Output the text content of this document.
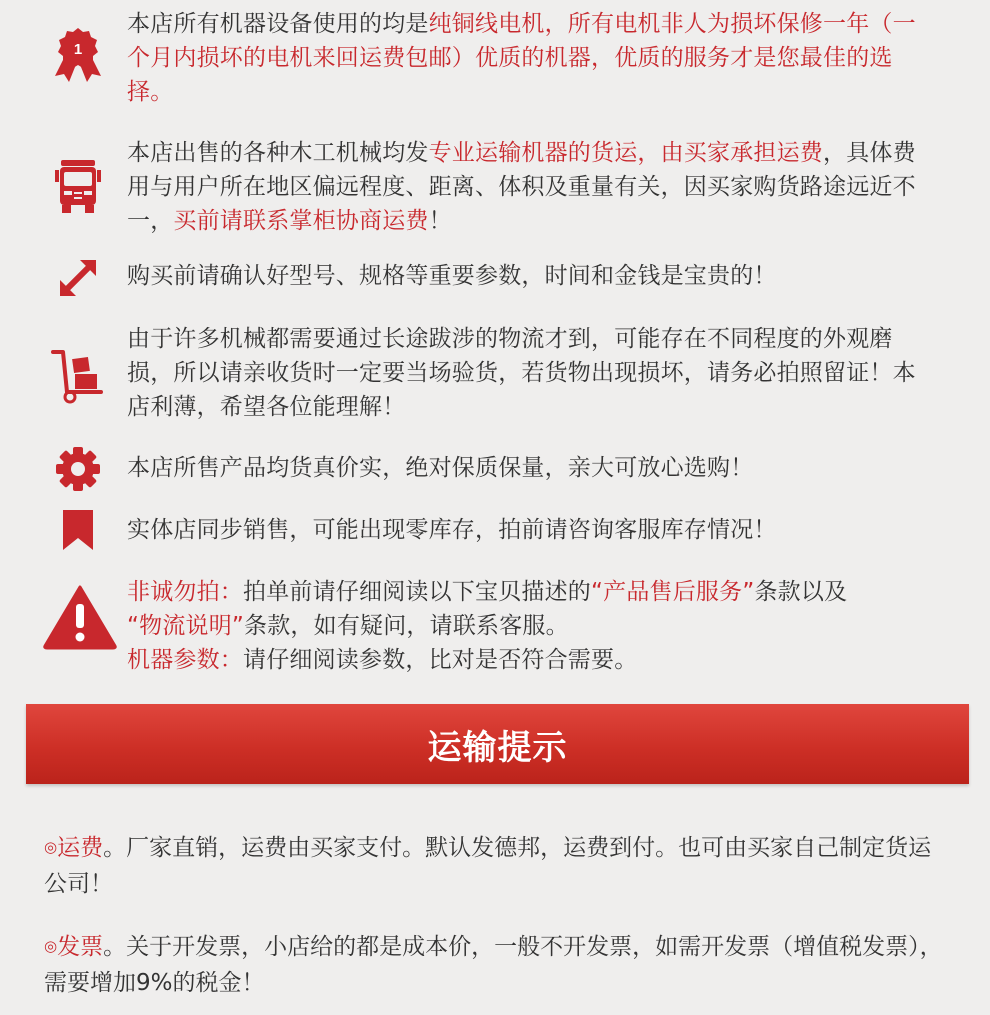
1
本店所有机器设备使用的均是纯铜线电机，所有电机非人为损坏保修一年（一个月内损坏的电机来回运费包邮）优质的机器，优质的服务才是您最佳的选择。
本店出售的各种木工机械均发专业运输机器的货运，由买家承担运费，具体费用与用户所在地区偏远程度、距离、体积及重量有关，因买家购货路途远近不一，买前请联系掌柜协商运费！
购买前请确认好型号、规格等重要参数，时间和金钱是宝贵的！
由于许多机械都需要通过长途跋涉的物流才到，可能存在不同程度的外观磨损，所以请亲收货时一定要当场验货，若货物出现损坏，请务必拍照留证！本店利薄，希望各位能理解！
本店所售产品均货真价实，绝对保质保量，亲大可放心选购！
实体店同步销售，可能出现零库存，拍前请咨询客服库存情况！
非诚勿拍：拍单前请仔细阅读以下宝贝描述的“产品售后服务”条款以及
“物流说明”条款，如有疑问，请联系客服。
机器参数：请仔细阅读参数，比对是否符合需要。
运输提示
◎运费。厂家直销，运费由买家支付。默认发德邦，运费到付。也可由买家自己制定货运公司！
◎发票。关于开发票，小店给的都是成本价，一般不开发票，如需开发票（增值税发票），需要增加9%的税金！
